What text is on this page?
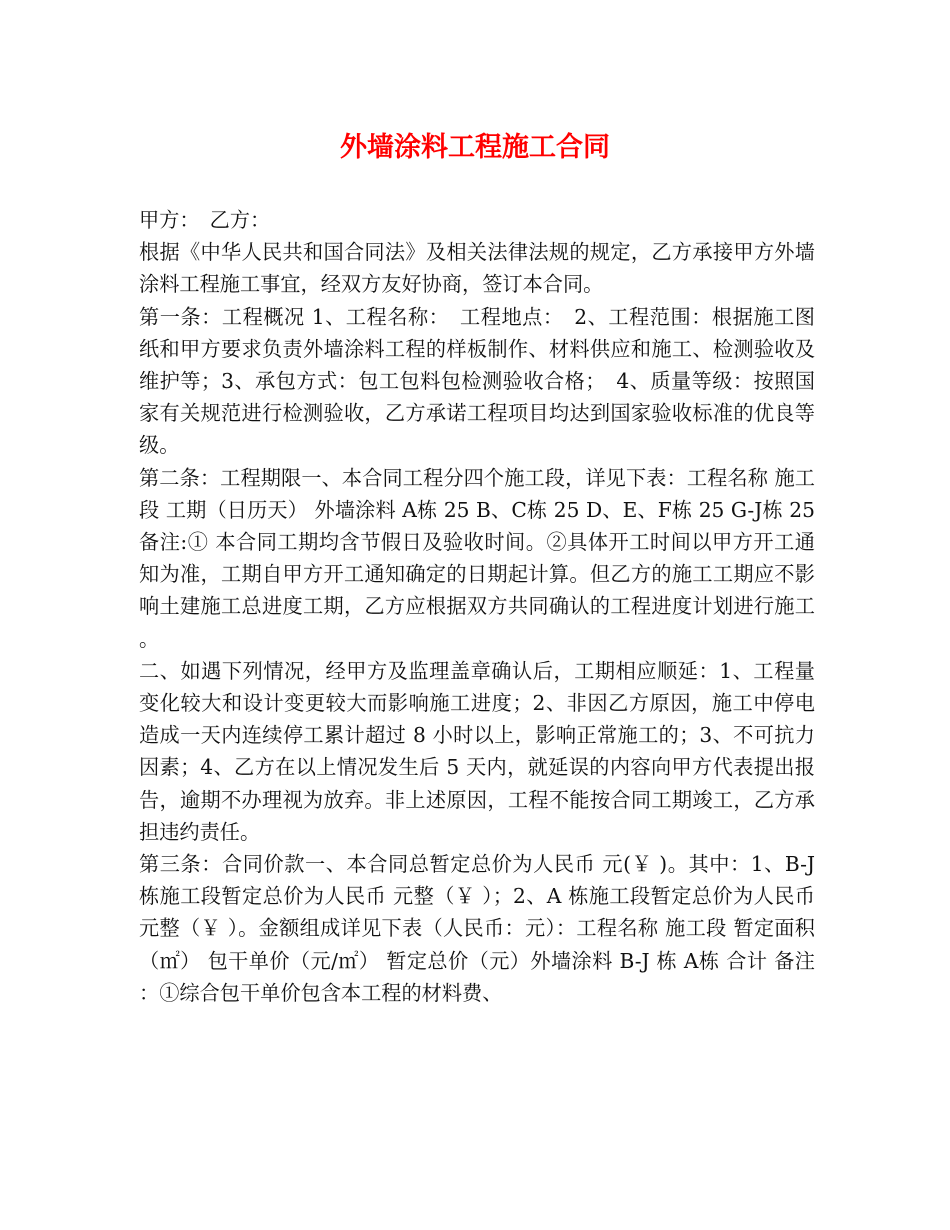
外墙涂料工程施工合同

甲方：　乙方：

根据《中华人民共和国合同法》及相关法律法规的规定，乙方承接甲方外墙涂料工程施工事宜，经双方友好协商，签订本合同。

第一条：工程概况 1、工程名称：　工程地点：　2、工程范围：根据施工图纸和甲方要求负责外墙涂料工程的样板制作、材料供应和施工、检测验收及维护等；3、承包方式：包工包料包检测验收合格；　4、质量等级：按照国家有关规范进行检测验收，乙方承诺工程项目均达到国家验收标准的优良等级。

第二条：工程期限一、本合同工程分四个施工段，详见下表：工程名称 施工段 工期（日历天） 外墙涂料 A栋 25 B、C栋 25 D、E、F栋 25 G-J栋 25 备注:① 本合同工期均含节假日及验收时间。②具体开工时间以甲方开工通知为准，工期自甲方开工通知确定的日期起计算。但乙方的施工工期应不影响土建施工总进度工期，乙方应根据双方共同确认的工程进度计划进行施工。

二、如遇下列情况，经甲方及监理盖章确认后，工期相应顺延：1、工程量变化较大和设计变更较大而影响施工进度；2、非因乙方原因，施工中停电造成一天内连续停工累计超过 8 小时以上，影响正常施工的；3、不可抗力因素；4、乙方在以上情况发生后 5 天内，就延误的内容向甲方代表提出报告，逾期不办理视为放弃。非上述原因，工程不能按合同工期竣工，乙方承担违约责任。

第三条：合同价款一、本合同总暂定总价为人民币 元(￥ )。其中：1、B-J 栋施工段暂定总价为人民币 元整（￥ ）；2、A 栋施工段暂定总价为人民币 元整（￥ ）。金额组成详见下表（人民币：元）：工程名称 施工段 暂定面积（㎡） 包干单价（元/㎡） 暂定总价（元）外墙涂料 B-J 栋 A栋 合计 备注：①综合包干单价包含本工程的材料费、
